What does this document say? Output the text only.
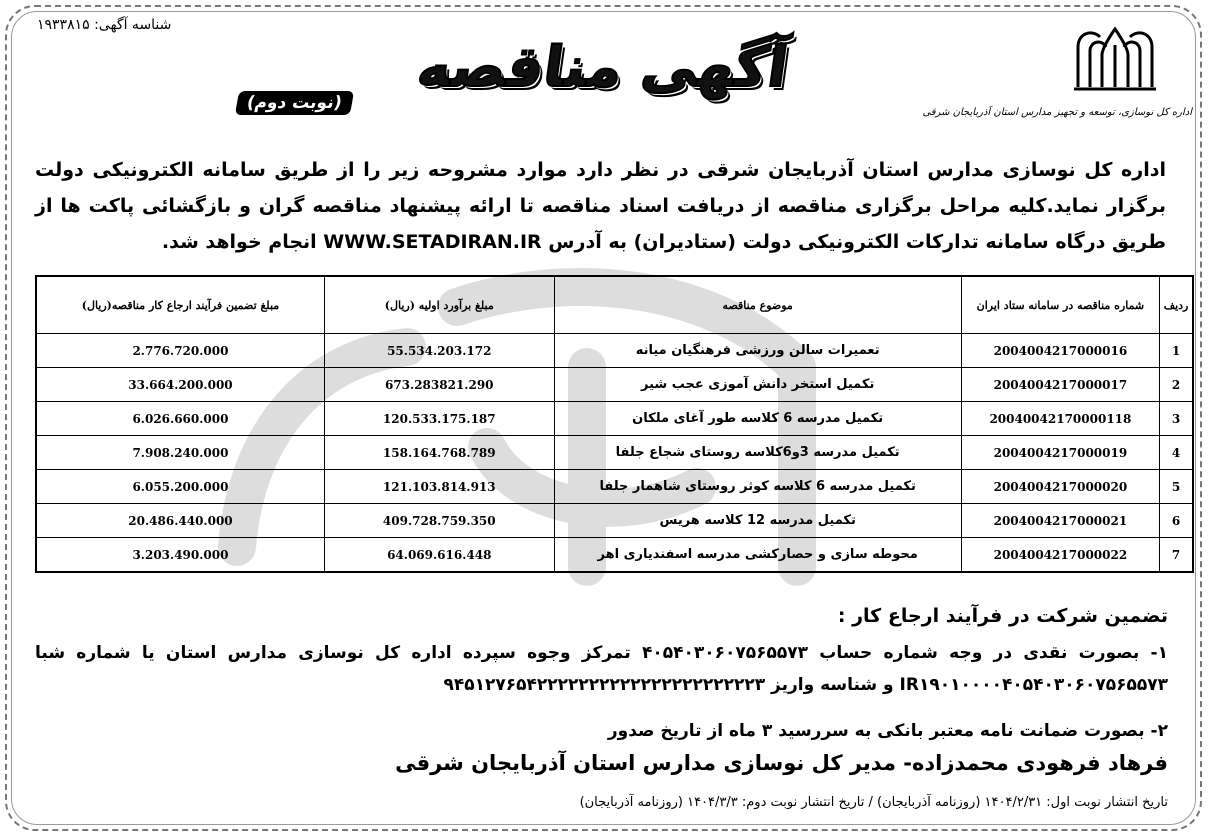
شناسه آگهی: ۱۹۳۳۸۱۵
اداره کل نوسازی، توسعه و تجهیز مدارس استان آذربایجان شرقی
آگهی مناقصه
(نوبت دوم)
اداره کل نوسازی مدارس استان آذربایجان شرقی در نظر دارد موارد مشروحه زیر را از طریق سامانه الکترونیکی دولت برگزار نماید.کلیه مراحل برگزاری مناقصه از دریافت اسناد مناقصه تا ارائه پیشنهاد مناقصه گران و بازگشائی پاکت ها از طریق درگاه سامانه تدارکات الکترونیکی دولت (ستادیران) به آدرس WWW.SETADIRAN.IR انجام خواهد شد.
ردیف	شماره مناقصه در سامانه ستاد ایران	موضوع مناقصه	مبلغ برآورد اولیه (ریال)	مبلغ تضمین فرآیند ارجاع کار مناقصه(ریال)
1	2004004217000016	تعمیرات سالن ورزشی فرهنگیان میانه	55.534.203.172	2.776.720.000
2	2004004217000017	تکمیل استخر دانش آموزی عجب شیر	673.283821.290	33.664.200.000
3	20040042170000118	تکمیل مدرسه 6 کلاسه طور آغای ملکان	120.533.175.187	6.026.660.000
4	2004004217000019	تکمیل مدرسه 3و6کلاسه روستای شجاع جلفا	158.164.768.789	7.908.240.000
5	2004004217000020	تکمیل مدرسه 6 کلاسه کوثر روستای شاهمار جلفا	121.103.814.913	6.055.200.000
6	2004004217000021	تکمیل مدرسه 12 کلاسه هریس	409.728.759.350	20.486.440.000
7	2004004217000022	محوطه سازی و حصارکشی مدرسه اسفندیاری اهر	64.069.616.448	3.203.490.000
تضمین شرکت در فرآیند ارجاع کار :
۱- بصورت نقدی در وجه شماره حساب ۴۰۵۴۰۳۰۶۰۷۵۶۵۵۷۳ تمرکز وجوه سپرده اداره کل نوسازی مدارس استان یا شماره شبا IR۱۹۰۱۰۰۰۰۴۰۵۴۰۳۰۶۰۷۵۶۵۵۷۳ و شناسه واریز ۹۴۵۱۲۷۶۵۴۲۲۲۲۲۲۲۲۲۲۲۲۲۲۲۲۲۲۲۲۲۳
۲- بصورت ضمانت نامه معتبر بانکی به سررسید ۳ ماه از تاریخ صدور
فرهاد فرهودی محمدزاده- مدیر کل نوسازی مدارس استان آذربایجان شرقی
تاریخ انتشار نوبت اول: ۱۴۰۴/۲/۳۱ (روزنامه آذربایجان) / تاریخ انتشار نوبت دوم: ۱۴۰۴/۳/۳ (روزنامه آذربایجان)
